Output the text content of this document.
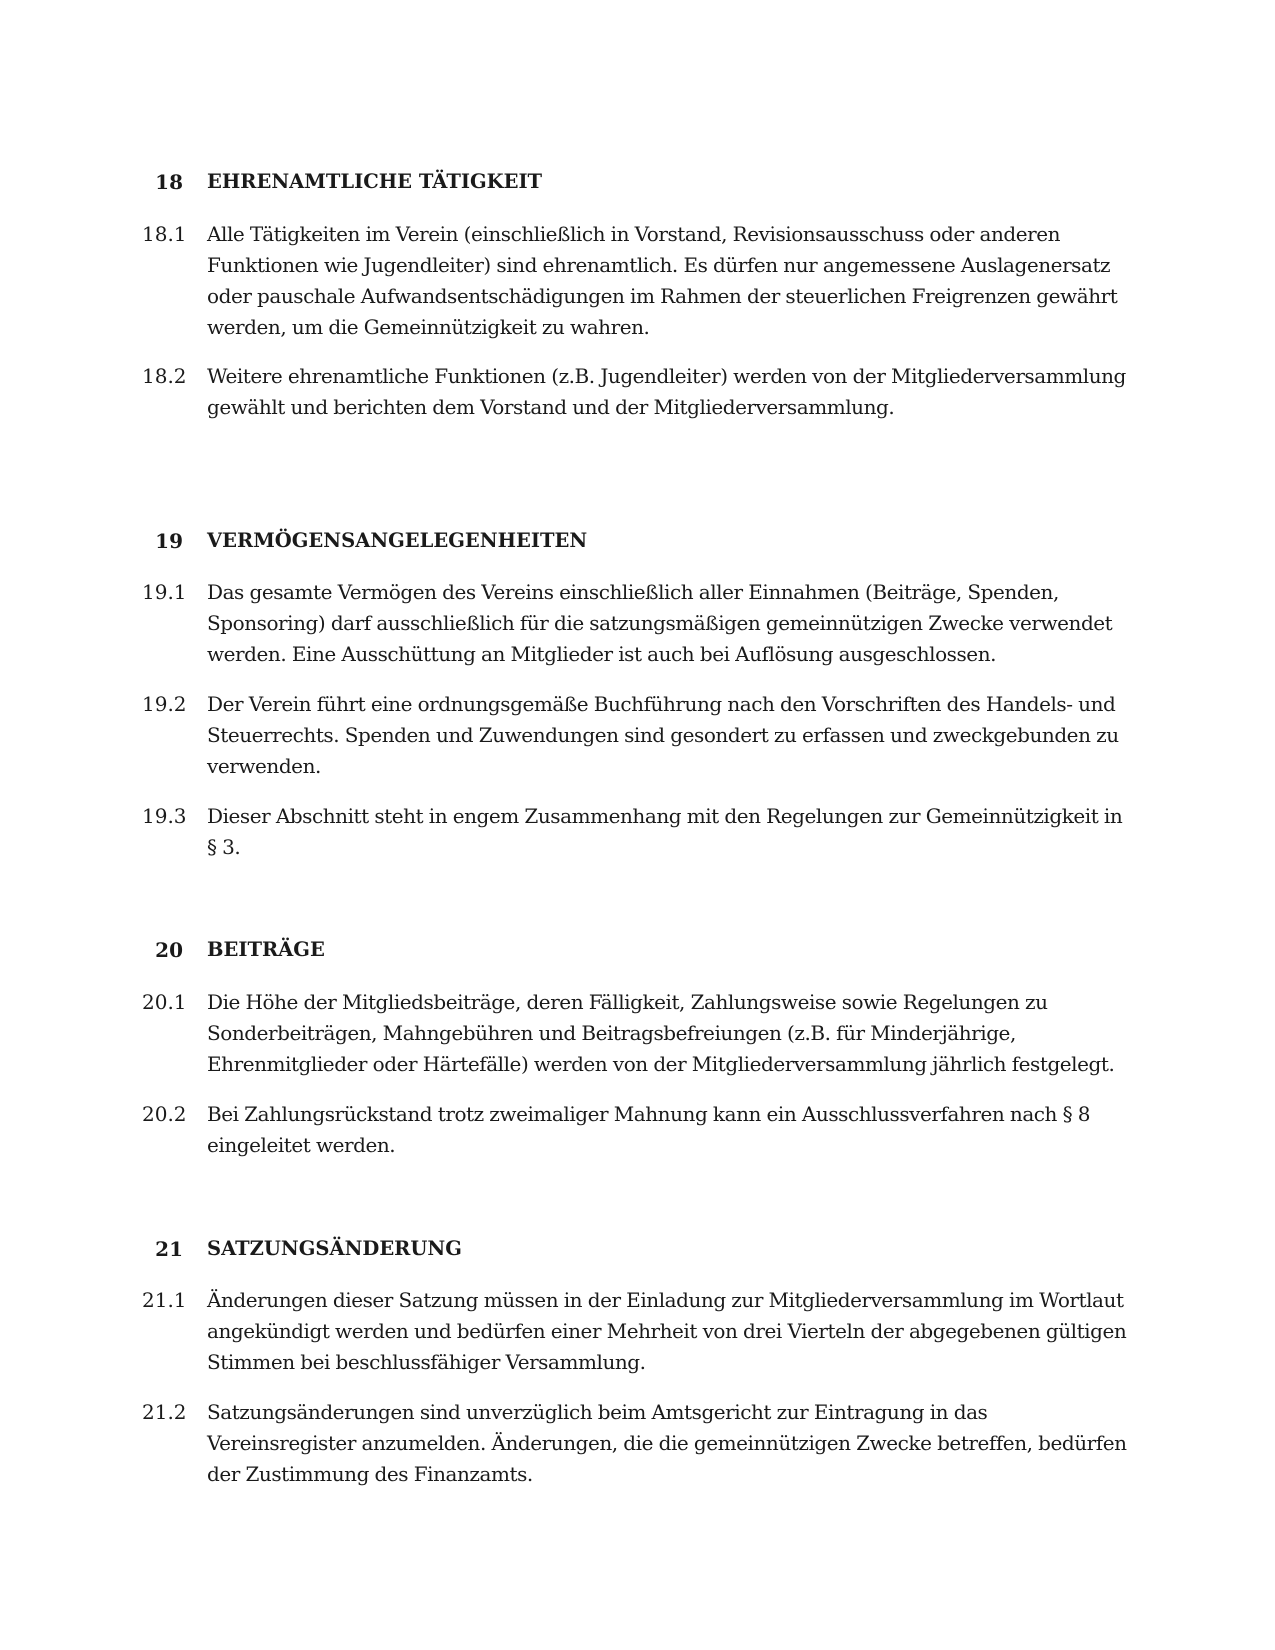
18 EHRENAMTLICHE TÄTIGKEIT
18.1 Alle Tätigkeiten im Verein (einschließlich in Vorstand, Revisionsausschuss oder anderen Funktionen wie Jugendleiter) sind ehrenamtlich. Es dürfen nur angemessene Auslagenersatz oder pauschale Aufwandsentschädigungen im Rahmen der steuerlichen Freigrenzen gewährt werden, um die Gemeinnützigkeit zu wahren.
18.2 Weitere ehrenamtliche Funktionen (z.B. Jugendleiter) werden von der Mitgliederversammlung gewählt und berichten dem Vorstand und der Mitgliederversammlung.
19 VERMÖGENSANGELEGENHEITEN
19.1 Das gesamte Vermögen des Vereins einschließlich aller Einnahmen (Beiträge, Spenden, Sponsoring) darf ausschließlich für die satzungsmäßigen gemeinnützigen Zwecke verwendet werden. Eine Ausschüttung an Mitglieder ist auch bei Auflösung ausgeschlossen.
19.2 Der Verein führt eine ordnungsgemäße Buchführung nach den Vorschriften des Handels- und Steuerrechts. Spenden und Zuwendungen sind gesondert zu erfassen und zweckgebunden zu verwenden.
19.3 Dieser Abschnitt steht in engem Zusammenhang mit den Regelungen zur Gemeinnützigkeit in § 3.
20 BEITRÄGE
20.1 Die Höhe der Mitgliedsbeiträge, deren Fälligkeit, Zahlungsweise sowie Regelungen zu Sonderbeiträgen, Mahngebühren und Beitragsbefreiungen (z.B. für Minderjährige, Ehrenmitglieder oder Härtefälle) werden von der Mitgliederversammlung jährlich festgelegt.
20.2 Bei Zahlungsrückstand trotz zweimaliger Mahnung kann ein Ausschlussverfahren nach § 8 eingeleitet werden.
21 SATZUNGSÄNDERUNG
21.1 Änderungen dieser Satzung müssen in der Einladung zur Mitgliederversammlung im Wortlaut angekündigt werden und bedürfen einer Mehrheit von drei Vierteln der abgegebenen gültigen Stimmen bei beschlussfähiger Versammlung.
21.2 Satzungsänderungen sind unverzüglich beim Amtsgericht zur Eintragung in das Vereinsregister anzumelden. Änderungen, die die gemeinnützigen Zwecke betreffen, bedürfen der Zustimmung des Finanzamts.
